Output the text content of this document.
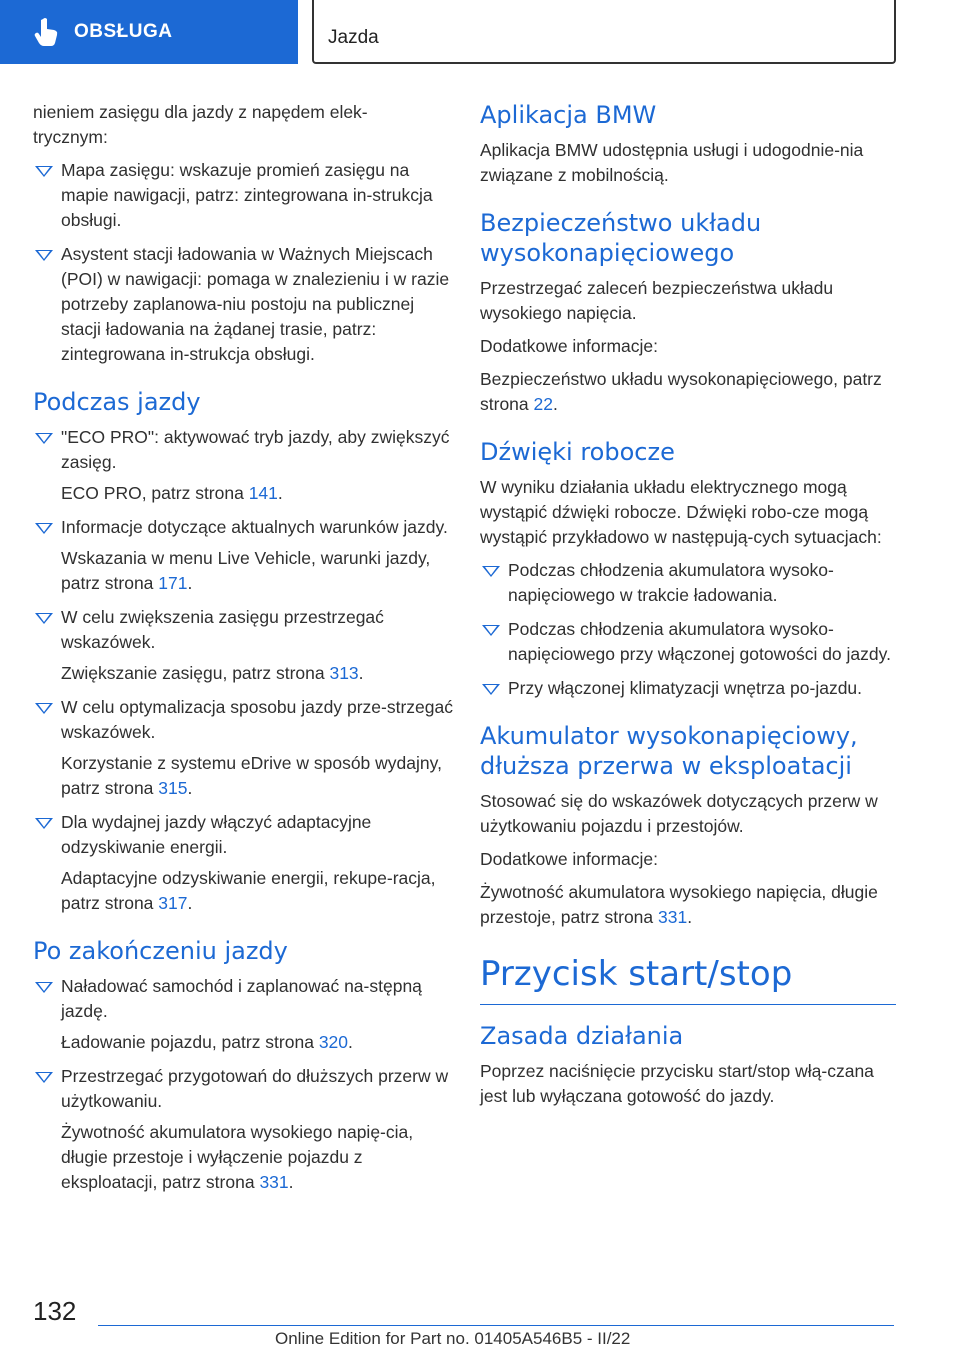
OBSŁUGA	Jazda

nieniem zasięgu dla jazdy z napędem elek-
trycznym:

Mapa zasięgu: wskazuje promień zasięgu na mapie nawigacji, patrz: zintegrowana in-strukcja obsługi.
Asystent stacji ładowania w Ważnych Miejscach (POI) w nawigacji: pomaga w znalezieniu i w razie potrzeby zaplanowa-niu postoju na publicznej stacji ładowania na żądanej trasie, patrz: zintegrowana in-strukcja obsługi.
Podczas jazdy
"ECO PRO": aktywować tryb jazdy, aby zwiększyć zasięg.
ECO PRO, patrz strona 141.
Informacje dotyczące aktualnych warunków jazdy.
Wskazania w menu Live Vehicle, warunki jazdy, patrz strona 171.
W celu zwiększenia zasięgu przestrzegać wskazówek.
Zwiększanie zasięgu, patrz strona 313.
W celu optymalizacja sposobu jazdy prze-strzegać wskazówek.
Korzystanie z systemu eDrive w sposób wydajny, patrz strona 315.
Dla wydajnej jazdy włączyć adaptacyjne odzyskiwanie energii.
Adaptacyjne odzyskiwanie energii, rekupe-racja, patrz strona 317.
Po zakończeniu jazdy
Naładować samochód i zaplanować na-stępną jazdę.
Ładowanie pojazdu, patrz strona 320.
Przestrzegać przygotowań do dłuższych przerw w użytkowaniu.
Żywotność akumulatora wysokiego napię-cia, długie przestoje i wyłączenie pojazdu z eksploatacji, patrz strona 331.
Aplikacja BMW

Aplikacja BMW udostępnia usługi i udogodnie-nia związane z mobilnością.

Bezpieczeństwo układu wysokonapięciowego

Przestrzegać zaleceń bezpieczeństwa układu wysokiego napięcia.

Dodatkowe informacje:

Bezpieczeństwo układu wysokonapięciowego, patrz strona 22.

Dźwięki robocze

W wyniku działania układu elektrycznego mogą wystąpić dźwięki robocze. Dźwięki robo-cze mogą wystąpić przykładowo w następują-cych sytuacjach:

Podczas chłodzenia akumulatora wysoko-napięciowego w trakcie ładowania.
Podczas chłodzenia akumulatora wysoko-napięciowego przy włączonej gotowości do jazdy.
Przy włączonej klimatyzacji wnętrza po-jazdu.
Akumulator wysokonapięciowy, dłuższa przerwa w eksploatacji

Stosować się do wskazówek dotyczących przerw w użytkowaniu pojazdu i przestojów.

Dodatkowe informacje:

Żywotność akumulatora wysokiego napięcia, długie przestoje, patrz strona 331.

Przycisk start/stop
Zasada działania

Poprzez naciśnięcie przycisku start/stop włą-czana jest lub wyłączana gotowość do jazdy.

132
Online Edition for Part no. 01405A546B5 - II/22
